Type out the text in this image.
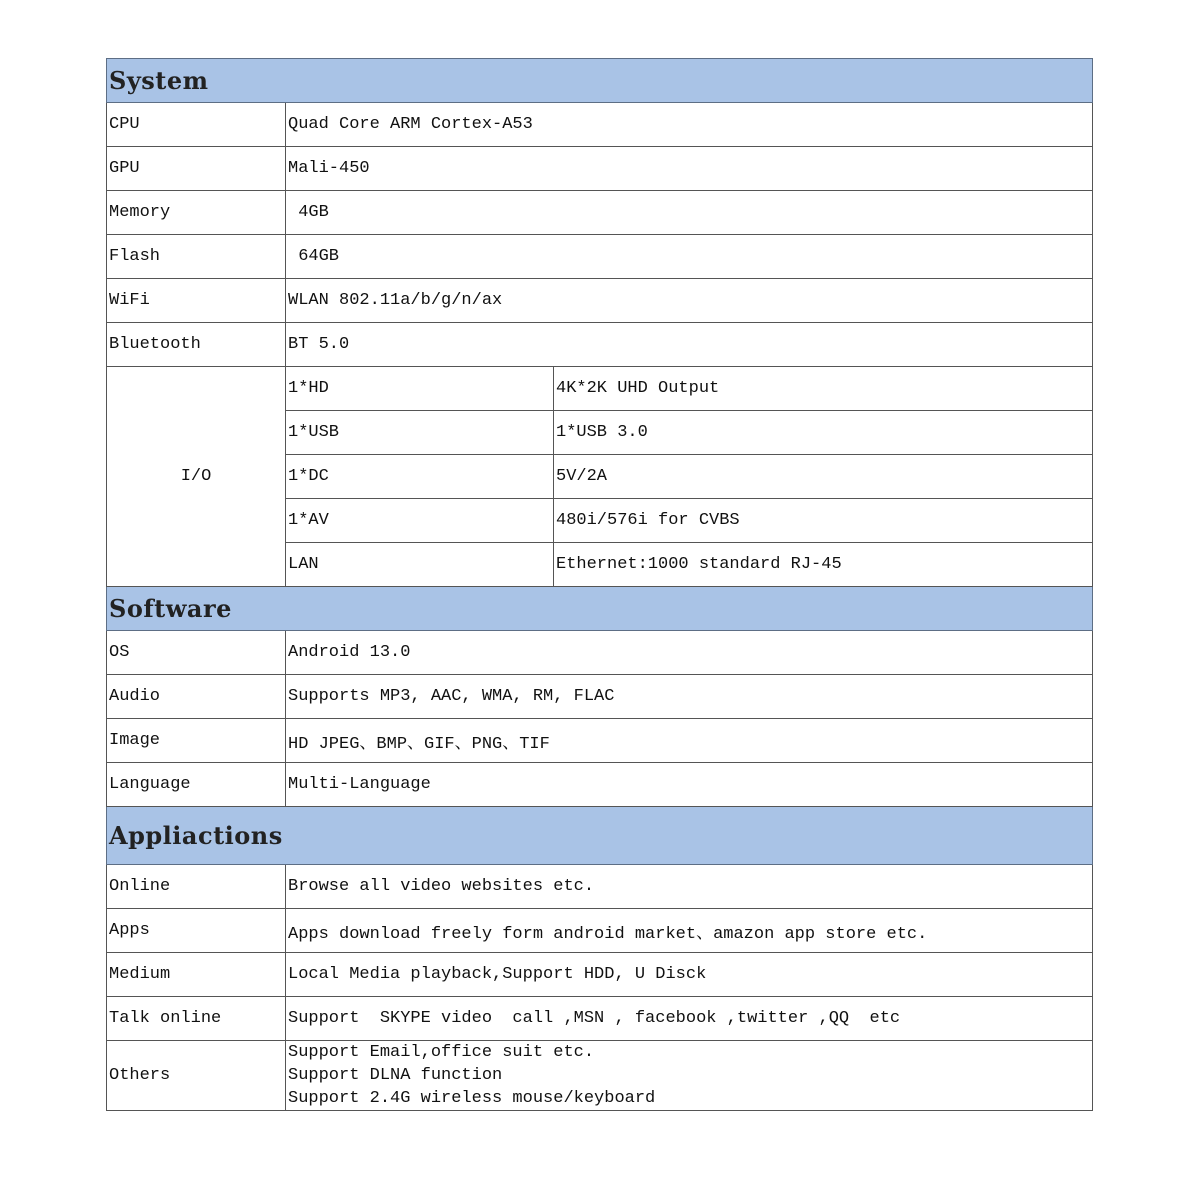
System		
CPU	Quad Core ARM Cortex-A53	
GPU	Mali-450	
Memory	4GB	
Flash	64GB	
WiFi	WLAN 802.11a/b/g/n/ax	
Bluetooth	BT 5.0	
I/O	1*HD	4K*2K UHD Output
	1*USB	1*USB 3.0
	1*DC	5V/2A
	1*AV	480i/576i for CVBS
	LAN	Ethernet:1000 standard RJ-45
Software		
OS	Android 13.0	
Audio	Supports MP3, AAC, WMA, RM, FLAC	
Image	HD JPEG、BMP、GIF、PNG、TIF	
Language	Multi-Language	
Appliactions		
Online	Browse all video websites etc.	
Apps	Apps download freely form android market、amazon app store etc.	
Medium	Local Media playback,Support HDD, U Disck	
Talk online	Support  SKYPE video  call ,MSN , facebook ,twitter ,QQ  etc	
Others	Support Email,office suit etc.
Support DLNA function
Support 2.4G wireless mouse/keyboard	
